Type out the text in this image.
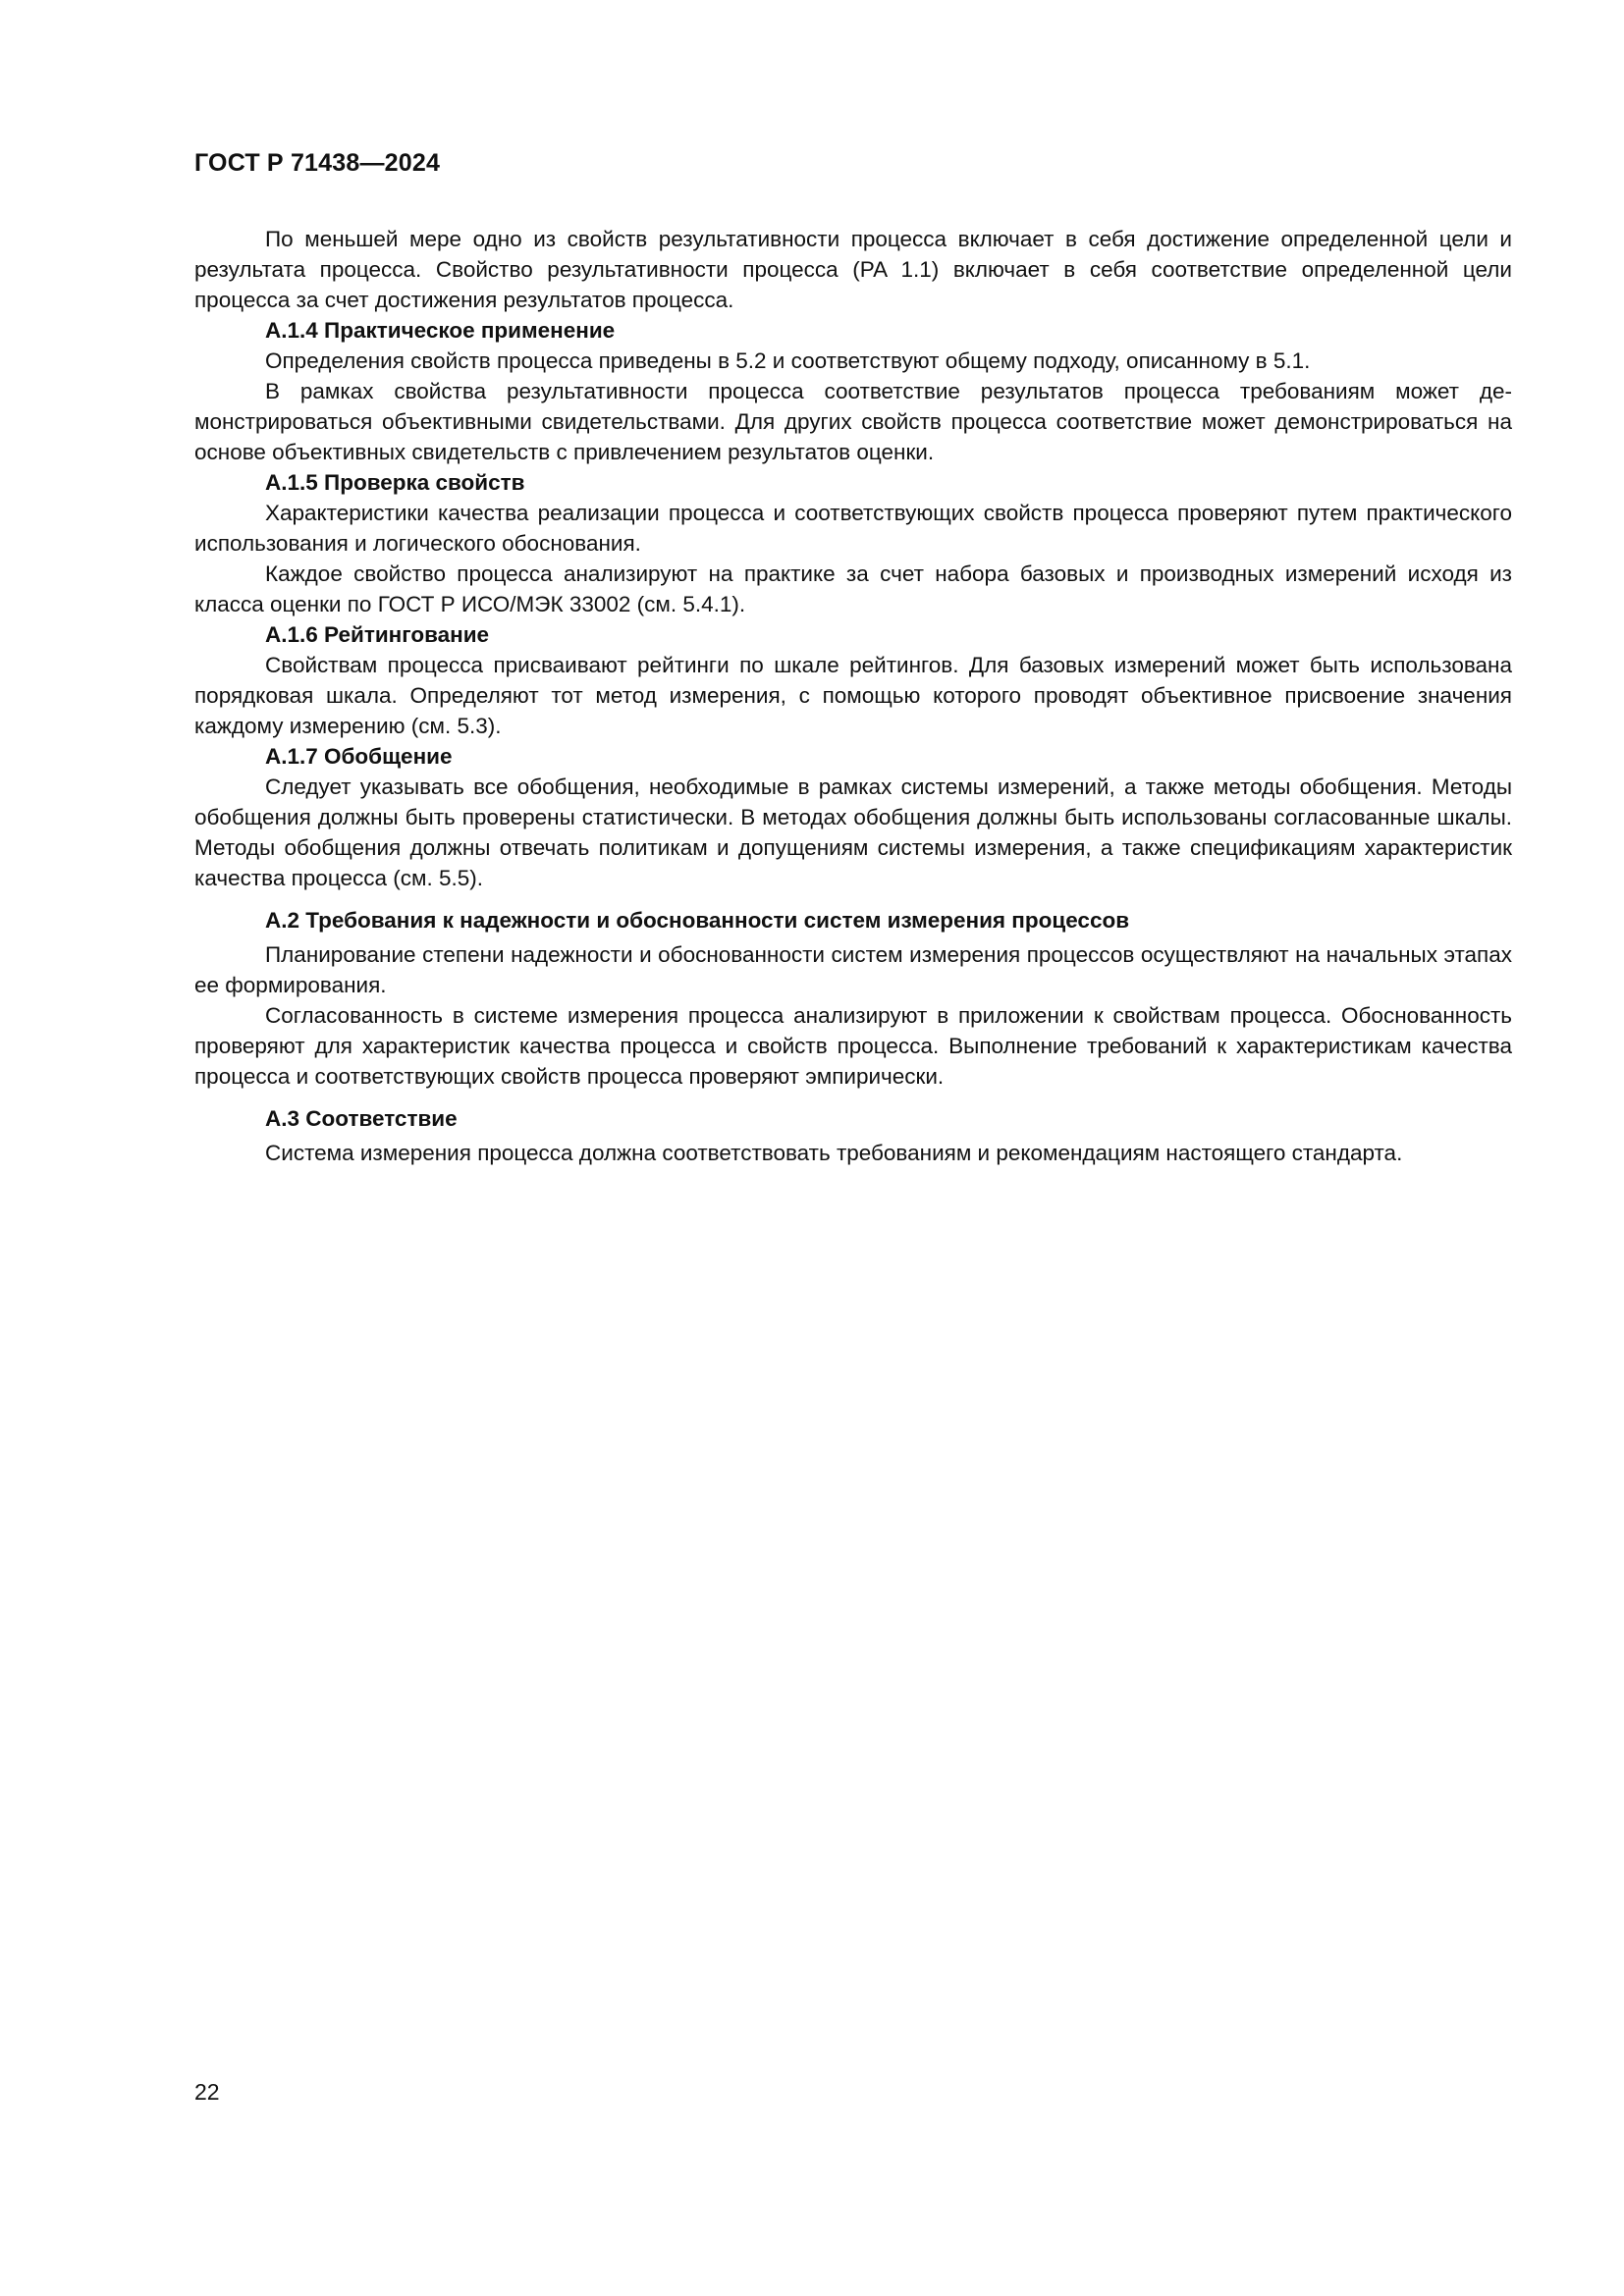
ГОСТ Р 71438—2024

По меньшей мере одно из свойств результативности процесса включает в себя достижение определенной цели и результата процесса. Свойство результативности процесса (PA 1.1) включает в себя соответствие определенной цели процесса за счет достижения результатов процесса.

А.1.4 Практическое применение

Определения свойств процесса приведены в 5.2 и соответствуют общему подходу, описанному в 5.1.

В рамках свойства результативности процесса соответствие результатов процесса требованиям может демонстрироваться объективными свидетельствами. Для других свойств процесса соответствие может демонстрироваться на основе объективных свидетельств с привлечением результатов оценки.

А.1.5 Проверка свойств

Характеристики качества реализации процесса и соответствующих свойств процесса проверяют путем практического использования и логического обоснования.

Каждое свойство процесса анализируют на практике за счет набора базовых и производных измерений исходя из класса оценки по ГОСТ Р ИСО/МЭК 33002 (см. 5.4.1).

А.1.6 Рейтингование

Свойствам процесса присваивают рейтинги по шкале рейтингов. Для базовых измерений может быть использована порядковая шкала. Определяют тот метод измерения, с помощью которого проводят объективное присвоение значения каждому измерению (см. 5.3).

А.1.7 Обобщение

Следует указывать все обобщения, необходимые в рамках системы измерений, а также методы обобщения. Методы обобщения должны быть проверены статистически. В методах обобщения должны быть использованы согласованные шкалы. Методы обобщения должны отвечать политикам и допущениям системы измерения, а также спецификациям характеристик качества процесса (см. 5.5).

А.2 Требования к надежности и обоснованности систем измерения процессов

Планирование степени надежности и обоснованности систем измерения процессов осуществляют на начальных этапах ее формирования.

Согласованность в системе измерения процесса анализируют в приложении к свойствам процесса. Обоснованность проверяют для характеристик качества процесса и свойств процесса. Выполнение требований к характеристикам качества процесса и соответствующих свойств процесса проверяют эмпирически.

А.3 Соответствие

Система измерения процесса должна соответствовать требованиям и рекомендациям настоящего стандарта.

22
